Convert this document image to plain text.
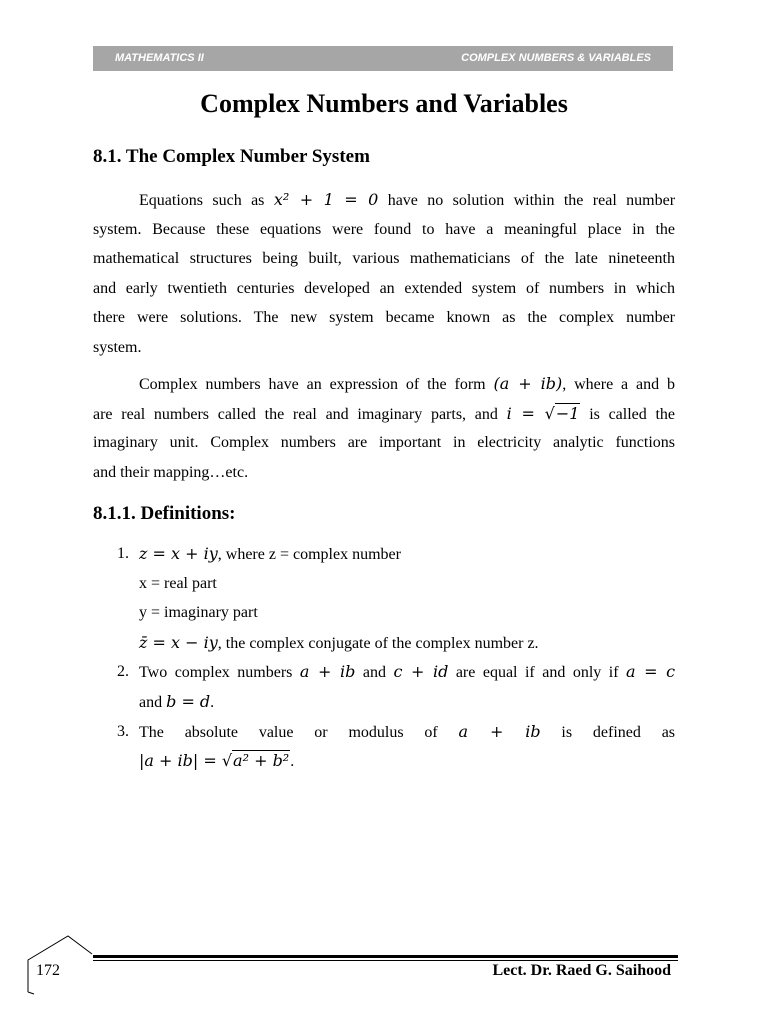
MATHEMATICS II	COMPLEX NUMBERS & VARIABLES
Complex Numbers and Variables
8.1. The Complex Number System
Equations such as x² + 1 = 0 have no solution within the real number
system. Because these equations were found to have a meaningful place in the
mathematical structures being built, various mathematicians of the late nineteenth
and early twentieth centuries developed an extended system of numbers in which
there were solutions. The new system became known as the complex number
system.
Complex numbers have an expression of the form (a + ib), where a and b
are real numbers called the real and imaginary parts, and i = √−1 is called the
imaginary unit. Complex numbers are important in electricity analytic functions
and their mapping…etc.
8.1.1. Definitions:
1. z = x + iy, where z = complex number
x = real part
y = imaginary part
z̄ = x − iy, the complex conjugate of the complex number z.
2. Two complex numbers a + ib and c + id are equal if and only if a = c
and b = d.
3. The absolute value or modulus of a + ib is defined as
|a + ib| = √a² + b².
172	Lect. Dr. Raed G. Saihood
